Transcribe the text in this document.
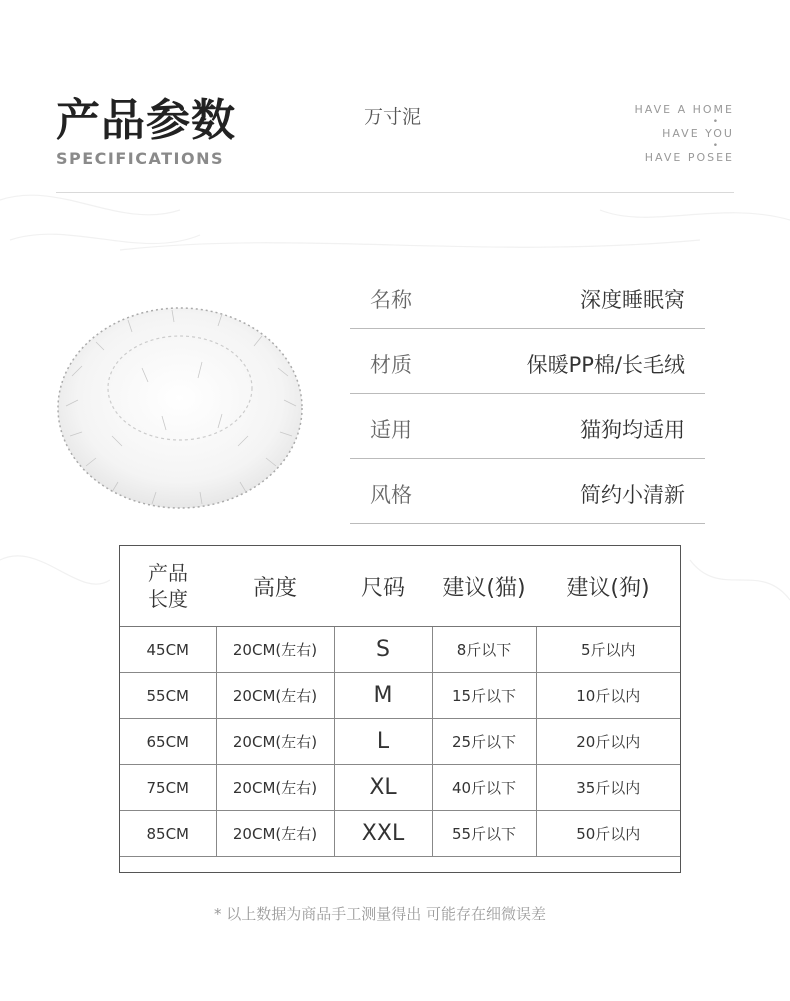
产品参数
SPECIFICATIONS
万寸泥	HAVE A HOME
•
HAVE YOU
•
HAVE POSEE
名称	深度睡眠窝
材质	保暖PP棉/长毛绒
适用	猫狗均适用
风格	简约小清新
产品
长度	高度	尺码	建议(猫)	建议(狗)
45CM	20CM(左右)	S	8斤以下	5斤以内
55CM	20CM(左右)	M	15斤以下	10斤以内
65CM	20CM(左右)	L	25斤以下	20斤以内
75CM	20CM(左右)	XL	40斤以下	35斤以内
85CM	20CM(左右)	XXL	55斤以下	50斤以内
* 以上数据为商品手工测量得出 可能存在细微误差
